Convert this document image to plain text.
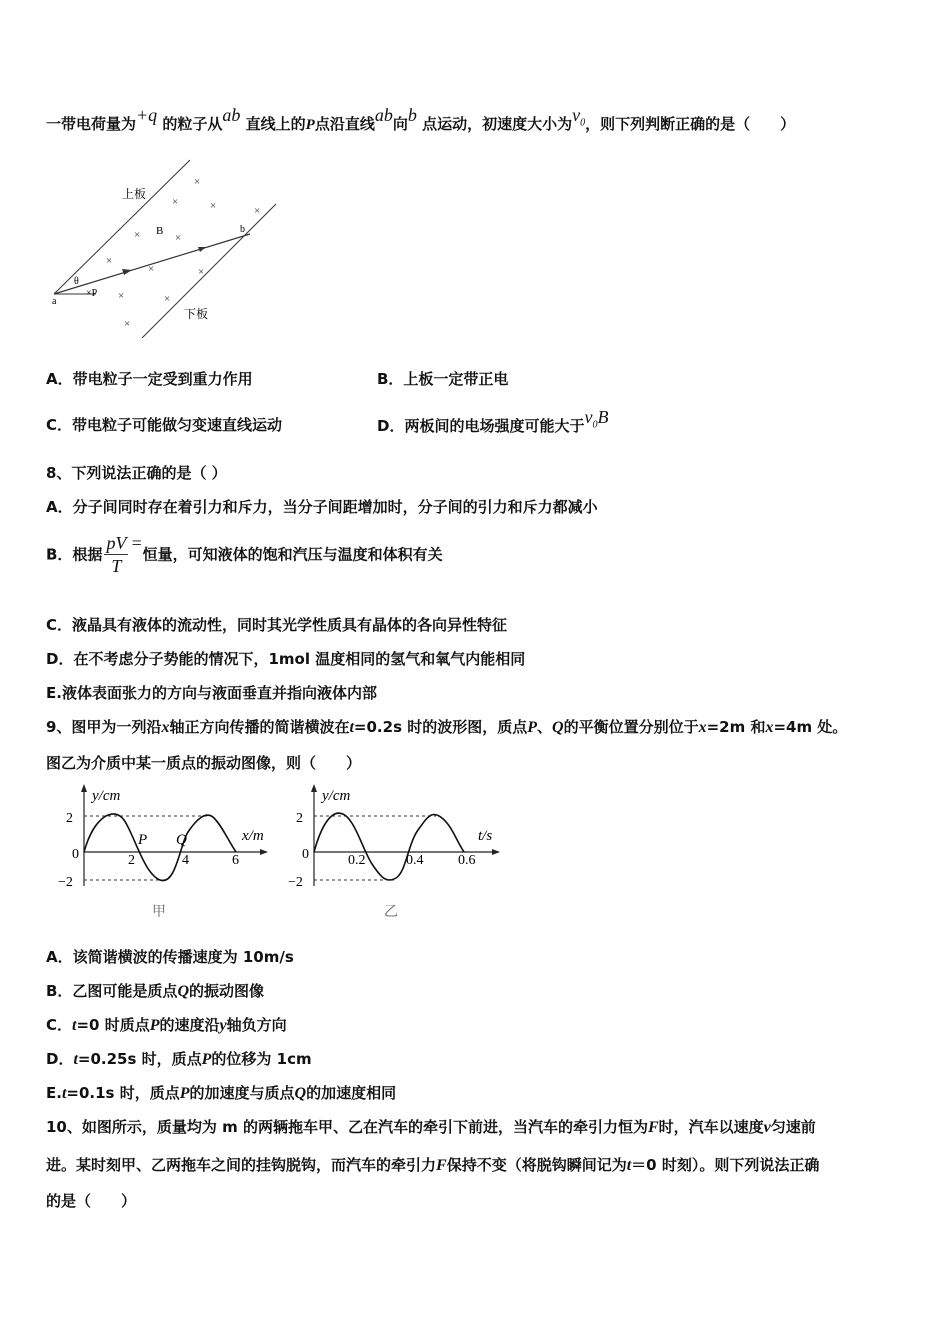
一带电荷量为+q 的粒子从ab 直线上的P点沿直线ab向b 点运动，初速度大小为$v_0$，则下列判断正确的是（　　）
上板
下板
B
θ
a
b
×P
×
×	×	×
×	×
×
×	×
×	×
×
A．带电粒子一定受到重力作用	B．上板一定带正电
C．带电粒子可能做匀变速直线运动	D．两板间的电场强度可能大于$v_0B$
8、下列说法正确的是（ ）
A．分子间同时存在着引力和斥力，当分子间距增加时，分子间的引力和斥力都减小
B．根据 $\frac{pV}{T}$ =恒量，可知液体的饱和汽压与温度和体积有关
C．液晶具有液体的流动性，同时其光学性质具有晶体的各向异性特征
D．在不考虑分子势能的情况下，1mol 温度相同的氢气和氧气内能相同
E.液体表面张力的方向与液面垂直并指向液体内部
9、图甲为一列沿x轴正方向传播的简谐横波在t=0.2s 时的波形图，质点P、Q的平衡位置分别位于x=2m 和x=4m 处。
图乙为介质中某一质点的振动图像，则（　　）
y/cm
x/m
2
0
−2
2	4	6
P Q
甲
y/cm
t/s
2
0
−2
0.2	0.4 0.6
乙
A．该简谐横波的传播速度为 10m/s
B．乙图可能是质点Q的振动图像
C．t=0 时质点P的速度沿y轴负方向
D．t=0.25s 时，质点P的位移为 1cm
E.t=0.1s 时，质点P的加速度与质点Q的加速度相同
10、如图所示，质量均为 m 的两辆拖车甲、乙在汽车的牵引下前进，当汽车的牵引力恒为F时，汽车以速度v匀速前
进。某时刻甲、乙两拖车之间的挂钩脱钩，而汽车的牵引力F保持不变（将脱钩瞬间记为t＝0 时刻）。则下列说法正确
的是（　　）
